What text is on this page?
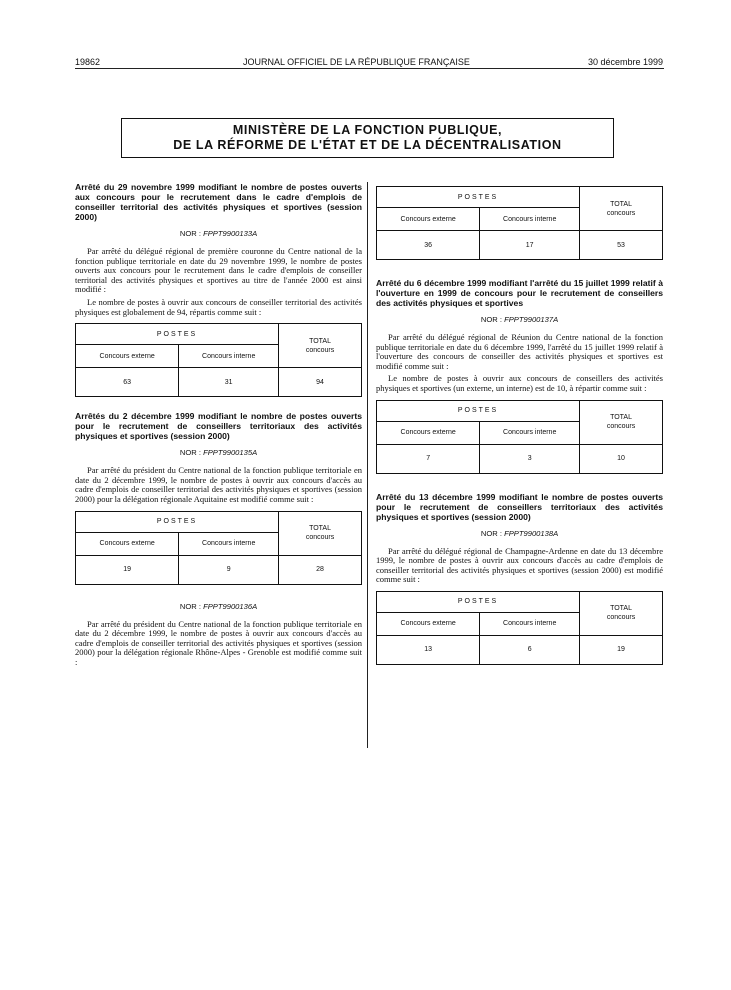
19862	JOURNAL OFFICIEL DE LA RÉPUBLIQUE FRANÇAISE	30 décembre 1999
MINISTÈRE DE LA FONCTION PUBLIQUE,
DE LA RÉFORME DE L'ÉTAT ET DE LA DÉCENTRALISATION

Arrêté du 29 novembre 1999 modifiant le nombre de postes ouverts aux concours pour le recrutement dans le cadre d'emplois de conseiller territorial des activités physiques et sportives (session 2000)

NOR : FPPT9900133A

Par arrêté du délégué régional de première couronne du Centre national de la fonction publique territoriale en date du 29 novembre 1999, le nombre de postes ouverts aux concours pour le recrutement dans le cadre d'emplois de conseiller territorial des activités physiques et sportives au titre de l'année 2000 est ainsi modifié :

Le nombre de postes à ouvrir aux concours de conseiller territorial des activités physiques est globalement de 94, répartis comme suit :

POSTES		TOTAL
concours
Concours externe	Concours interne	
63	31	94

Arrêtés du 2 décembre 1999 modifiant le nombre de postes ouverts pour le recrutement de conseillers territoriaux des activités physiques et sportives (session 2000)

NOR : FPPT9900135A

Par arrêté du président du Centre national de la fonction publique territoriale en date du 2 décembre 1999, le nombre de postes à ouvrir aux concours d'accès au cadre d'emplois de conseiller territorial des activités physiques et sportives (session 2000) pour la délégation régionale Aquitaine est modifié comme suit :

POSTES		TOTAL
concours
Concours externe	Concours interne	
19	9	28
NOR : FPPT9900136A

Par arrêté du président du Centre national de la fonction publique territoriale en date du 2 décembre 1999, le nombre de postes à ouvrir aux concours d'accès au cadre d'emplois de conseiller territorial des activités physiques et sportives (session 2000) pour la délégation régionale Rhône-Alpes - Grenoble est modifié comme suit :

POSTES		TOTAL
concours
Concours externe	Concours interne	
36	17	53

Arrêté du 6 décembre 1999 modifiant l'arrêté du 15 juillet 1999 relatif à l'ouverture en 1999 de concours pour le recrutement de conseillers des activités physiques et sportives

NOR : FPPT9900137A

Par arrêté du délégué régional de Réunion du Centre national de la fonction publique territoriale en date du 6 décembre 1999, l'arrêté du 15 juillet 1999 relatif à l'ouverture des concours de conseiller des activités physiques et sportives est modifié comme suit :

Le nombre de postes à ouvrir aux concours de conseillers des activités physiques et sportives (un externe, un interne) est de 10, à répartir comme suit :

POSTES		TOTAL
concours
Concours externe	Concours interne	
7	3	10

Arrêté du 13 décembre 1999 modifiant le nombre de postes ouverts pour le recrutement de conseillers territoriaux des activités physiques et sportives (session 2000)

NOR : FPPT9900138A

Par arrêté du délégué régional de Champagne-Ardenne en date du 13 décembre 1999, le nombre de postes à ouvrir aux concours d'accès au cadre d'emplois de conseiller territorial des activités physiques et sportives (session 2000) est modifié comme suit :

POSTES		TOTAL
concours
Concours externe	Concours interne	
13	6	19
